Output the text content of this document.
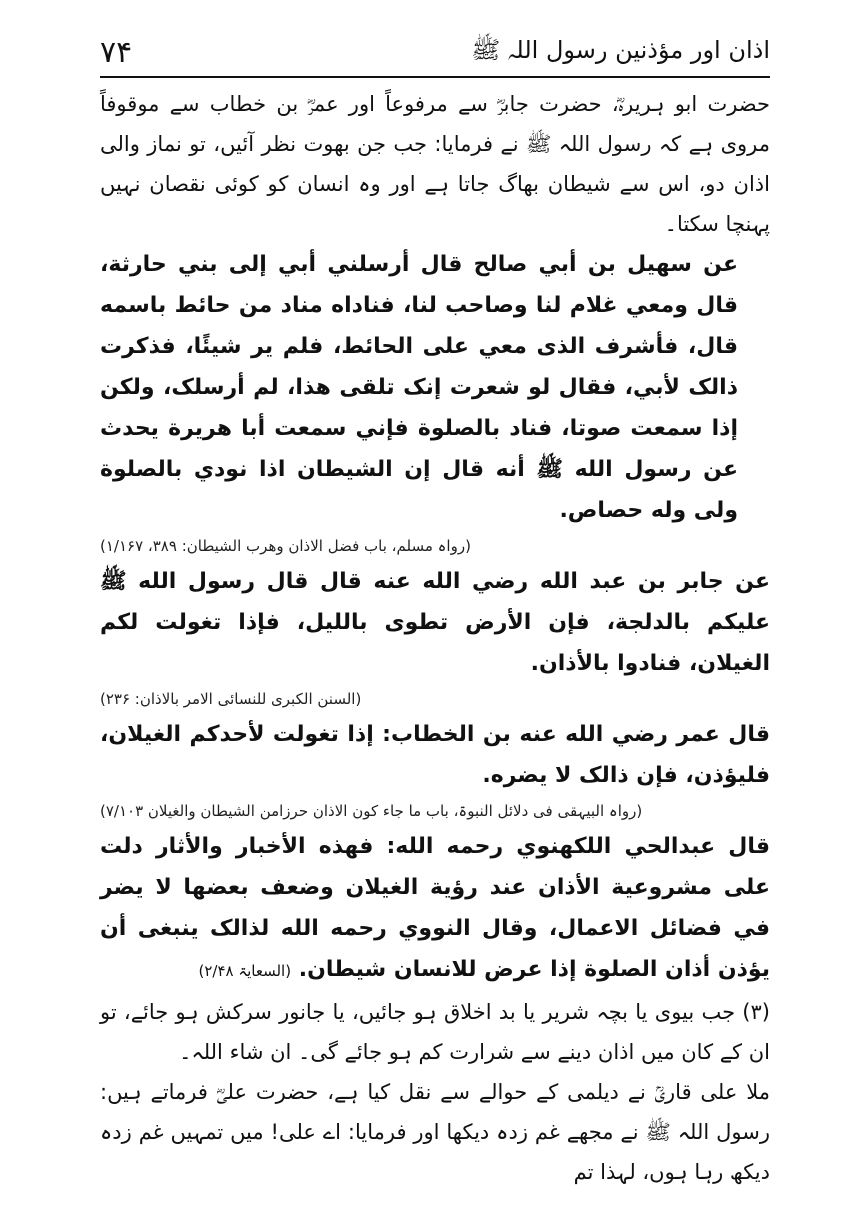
۷۴	اذان اور مؤذنین رسول اللہ ﷺ

حضرت ابو ہریرہؓ، حضرت جابرؓ سے مرفوعاً اور عمرؓ بن خطاب سے موقوفاً مروی ہے کہ رسول اللہ ﷺ نے فرمایا: جب جن بھوت نظر آئیں، تو نماز والی اذان دو، اس سے شیطان بھاگ جاتا ہے اور وہ انسان کو کوئی نقصان نہیں پہنچا سکتا۔

عن سهيل بن أبي صالح قال أرسلني أبي إلى بني حارثة، قال ومعي غلام لنا وصاحب لنا، فناداه مناد من حائط باسمه قال، فأشرف الذى معي على الحائط، فلم ير شيئًا، فذكرت ذالک لأبي، فقال لو شعرت إنک تلقى هذا، لم أرسلک، ولكن إذا سمعت صوتا، فناد بالصلوة فإني سمعت أبا هريرة يحدث عن رسول الله ﷺ أنه قال إن الشيطان اذا نودي بالصلوة ولى وله حصاص.

(رواہ مسلم، باب فضل الاذان وهرب الشيطان: ۳۸۹، ۱/۱۶۷)

عن جابر بن عبد الله رضي الله عنه قال قال رسول الله ﷺ عليكم بالدلجة، فإن الأرض تطوى بالليل، فإذا تغولت لكم الغيلان، فنادوا بالأذان.

(السنن الکبری للنسائی الامر بالاذان: ۲۳۶)

قال عمر رضي الله عنه بن الخطاب: إذا تغولت لأحدكم الغيلان، فليؤذن، فإن ذالک لا يضره.

(رواہ البیہقی فی دلائل النبوۃ، باب ما جاء کون الاذان حرزامن الشیطان والغیلان ۷/۱۰۳)

قال عبدالحي اللكهنوي رحمه الله: فهذه الأخبار والأثار دلت على مشروعية الأذان عند رؤية الغيلان وضعف بعضها لا يضر في فضائل الاعمال، وقال النووي رحمه الله لذالک ينبغى أن يؤذن أذان الصلوة إذا عرض للانسان شيطان. (السعایۃ ۲/۴۸)

(۳) جب بیوی یا بچہ شریر یا بد اخلاق ہو جائیں، یا جانور سرکش ہو جائے، تو ان کے کان میں اذان دینے سے شرارت کم ہو جائے گی۔ ان شاء اللہ۔

ملا علی قاریؒ نے دیلمی کے حوالے سے نقل کیا ہے، حضرت علیؓ فرماتے ہیں: رسول اللہ ﷺ نے مجھے غم زدہ دیکھا اور فرمایا: اے علی! میں تمہیں غم زدہ دیکھ رہا ہوں، لہذا تم
